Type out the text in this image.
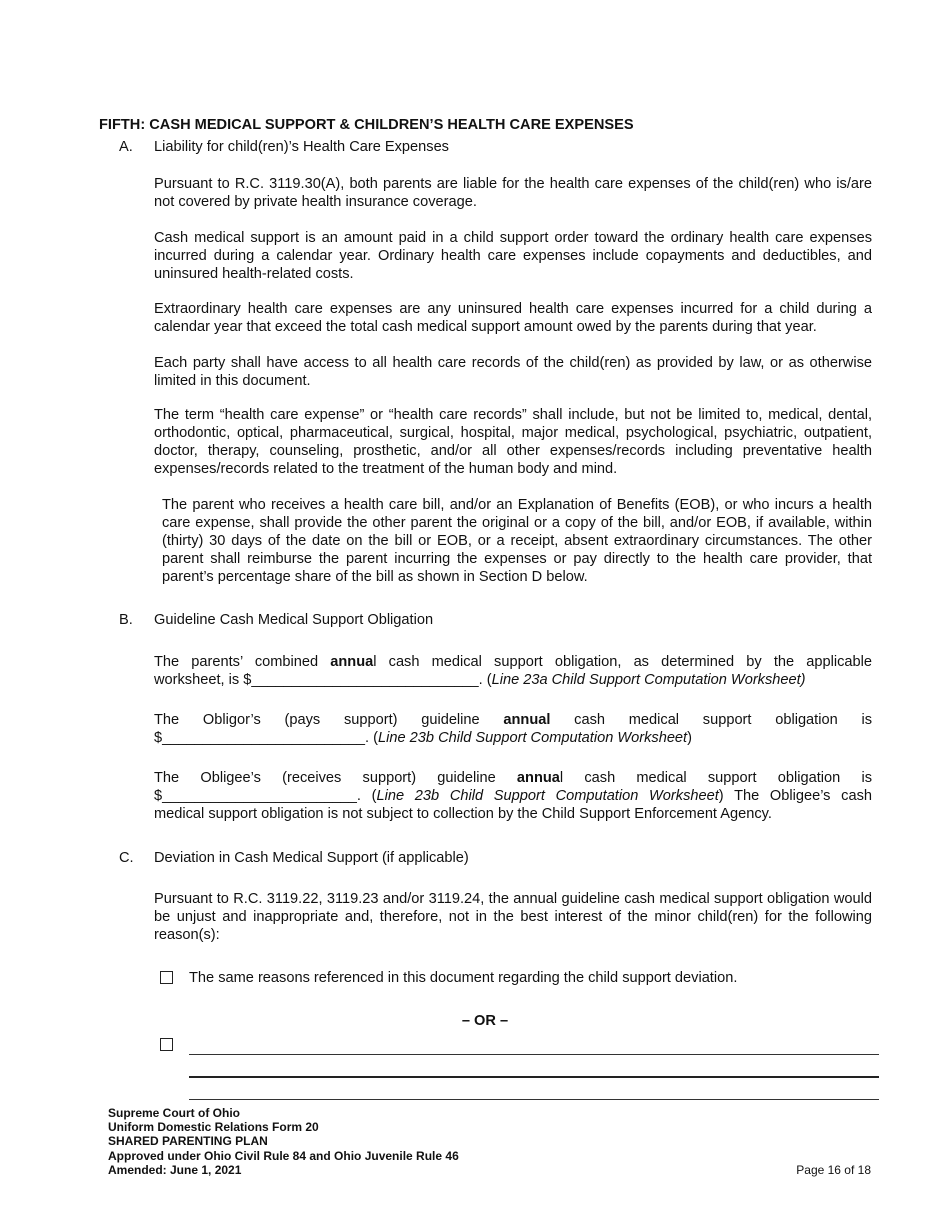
FIFTH: CASH MEDICAL SUPPORT & CHILDREN’S HEALTH CARE EXPENSES
A. Liability for child(ren)’s Health Care Expenses
Pursuant to R.C. 3119.30(A), both parents are liable for the health care expenses of the child(ren) who is/are not covered by private health insurance coverage.
Cash medical support is an amount paid in a child support order toward the ordinary health care expenses incurred during a calendar year. Ordinary health care expenses include copayments and deductibles, and uninsured health-related costs.
Extraordinary health care expenses are any uninsured health care expenses incurred for a child during a calendar year that exceed the total cash medical support amount owed by the parents during that year.
Each party shall have access to all health care records of the child(ren) as provided by law, or as otherwise limited in this document.
The term “health care expense” or “health care records” shall include, but not be limited to, medical, dental, orthodontic, optical, pharmaceutical, surgical, hospital, major medical, psychological, psychiatric, outpatient, doctor, therapy, counseling, prosthetic, and/or all other expenses/records including preventative health expenses/records related to the treatment of the human body and mind.
The parent who receives a health care bill, and/or an Explanation of Benefits (EOB), or who incurs a health care expense, shall provide the other parent the original or a copy of the bill, and/or EOB, if available, within (thirty) 30 days of the date on the bill or EOB, or a receipt, absent extraordinary circumstances. The other parent shall reimburse the parent incurring the expenses or pay directly to the health care provider, that parent’s percentage share of the bill as shown in Section D below.
B. Guideline Cash Medical Support Obligation
The parents’ combined annual cash medical support obligation, as determined by the applicable
worksheet, is $____________________________. (Line 23a Child Support Computation Worksheet)
The Obligor’s (pays support) guideline annual cash medical support obligation is
$_________________________. (Line 23b Child Support Computation Worksheet)
The Obligee’s (receives support) guideline annual cash medical support obligation is
$________________________. (Line 23b Child Support Computation Worksheet) The Obligee’s cash
medical support obligation is not subject to collection by the Child Support Enforcement Agency.
C. Deviation in Cash Medical Support (if applicable)
Pursuant to R.C. 3119.22, 3119.23 and/or 3119.24, the annual guideline cash medical support obligation would be unjust and inappropriate and, therefore, not in the best interest of the minor child(ren) for the following reason(s):
The same reasons referenced in this document regarding the child support deviation.
– OR –
Supreme Court of Ohio
Uniform Domestic Relations Form 20
SHARED PARENTING PLAN
Approved under Ohio Civil Rule 84 and Ohio Juvenile Rule 46
Amended: June 1, 2021	Page 16 of 18
